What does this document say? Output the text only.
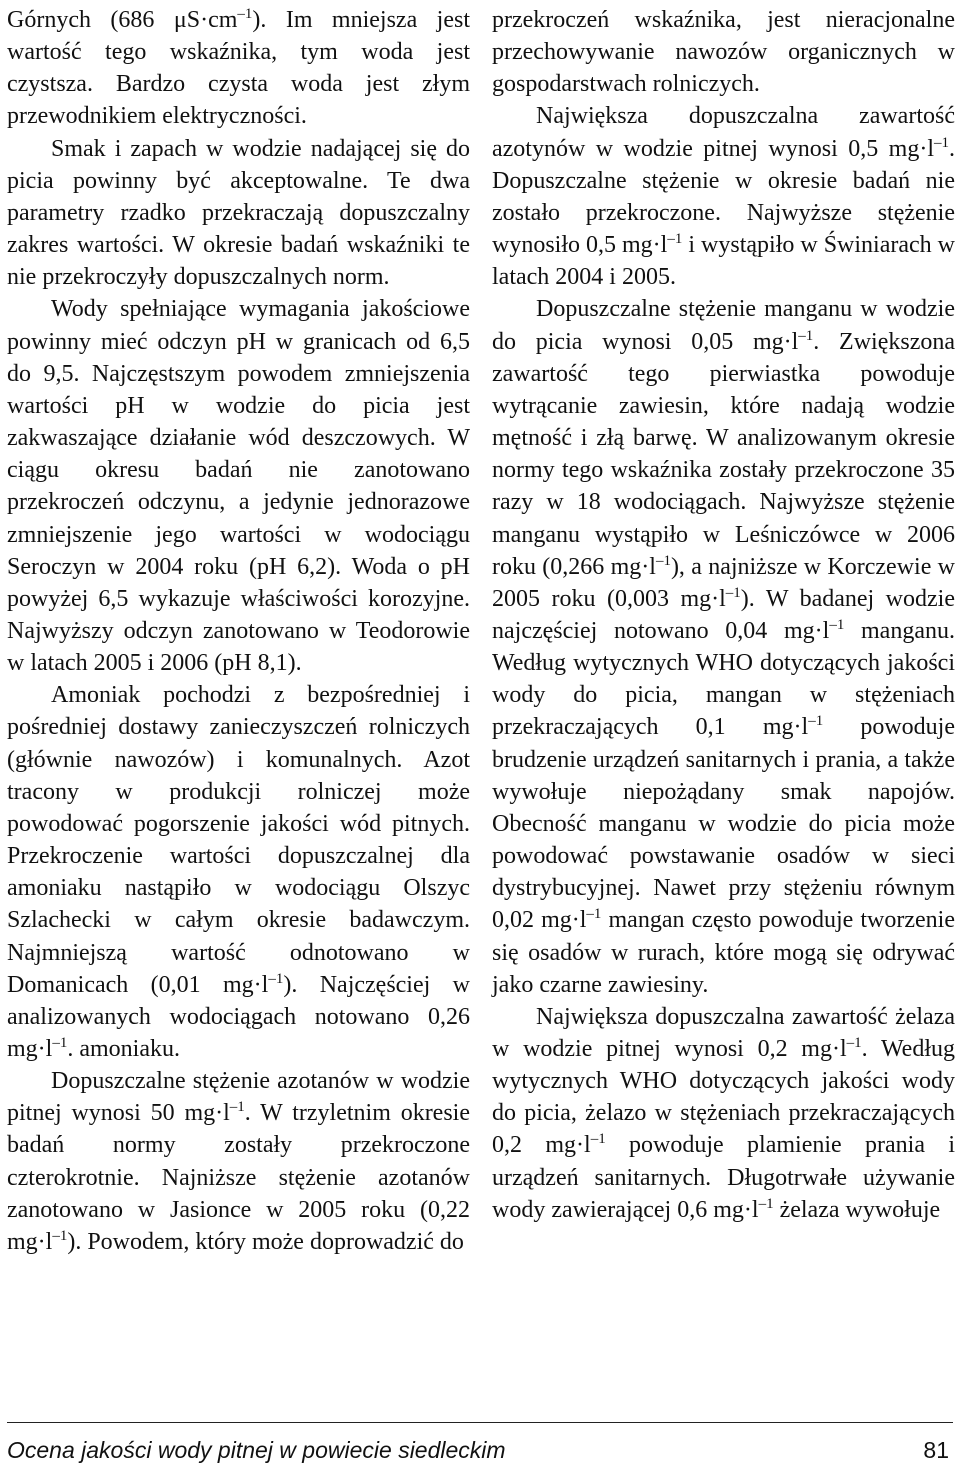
Górnych (686 $\mu S\cdot cm^{-1}$). Im mniejsza jest wartość tego wskaźnika, tym woda jest czystsza. Bardzo czysta woda jest złym przewodnikiem elektryczności.

Smak i zapach w wodzie nadającej się do picia powinny być akceptowalne. Te dwa parametry rzadko przekraczają dopuszczalny zakres wartości. W okresie badań wskaźniki te nie przekroczyły dopuszczalnych norm.

Wody spełniające wymagania jakościowe powinny mieć odczyn pH w granicach od 6,5 do 9,5. Najczęstszym powodem zmniejszenia wartości pH w wodzie do picia jest zakwaszające działanie wód deszczowych. W ciągu okresu badań nie zanotowano przekroczeń odczynu, a jedynie jednorazowe zmniejszenie jego wartości w wodociągu Seroczyn w 2004 roku (pH 6,2). Woda o pH powyżej 6,5 wykazuje właściwości korozyjne. Najwyższy odczyn zanotowano w Teodorowie w latach 2005 i 2006 (pH 8,1).

Amoniak pochodzi z bezpośredniej i pośredniej dostawy zanieczyszczeń rolniczych (głównie nawozów) i komunalnych. Azot tracony w produkcji rolniczej może powodować pogorszenie jakości wód pitnych. Przekroczenie wartości dopuszczalnej dla amoniaku nastąpiło w wodociągu Olszyc Szlachecki w całym okresie badawczym. Najmniejszą wartość odnotowano w Domanicach (0,01 $mg\cdot l^{-1}$). Najczęściej w analizowanych wodociągach notowano 0,26 $mg\cdot l^{-1}$. amoniaku.

Dopuszczalne stężenie azotanów w wodzie pitnej wynosi 50 $mg\cdot l^{-1}$. W trzyletnim okresie badań normy zostały przekroczone czterokrotnie. Najniższe stężenie azotanów zanotowano w Jasionce w 2005 roku (0,22 $mg\cdot l^{-1}$). Powodem, który może doprowadzić do

przekroczeń wskaźnika, jest nieracjonalne przechowywanie nawozów organicznych w gospodarstwach rolniczych.

Największa dopuszczalna zawartość azotynów w wodzie pitnej wynosi 0,5 $mg\cdot l^{-1}$. Dopuszczalne stężenie w okresie badań nie zostało przekroczone. Najwyższe stężenie wynosiło 0,5 $mg\cdot l^{-1}$ i wystąpiło w Świniarach w latach 2004 i 2005.

Dopuszczalne stężenie manganu w wodzie do picia wynosi 0,05 $mg\cdot l^{-1}$. Zwiększona zawartość tego pierwiastka powoduje wytrącanie zawiesin, które nadają wodzie mętność i złą barwę. W analizowanym okresie normy tego wskaźnika zostały przekroczone 35 razy w 18 wodociągach. Najwyższe stężenie manganu wystąpiło w Leśniczówce w 2006 roku (0,266 $mg\cdot l^{-1}$), a najniższe w Korczewie w 2005 roku (0,003 $mg\cdot l^{-1}$). W badanej wodzie najczęściej notowano 0,04 $mg\cdot l^{-1}$ manganu. Według wytycznych WHO dotyczących jakości wody do picia, mangan w stężeniach przekraczających 0,1 $mg\cdot l^{-1}$ powoduje brudzenie urządzeń sanitarnych i prania, a także wywołuje niepożądany smak napojów. Obecność manganu w wodzie do picia może powodować powstawanie osadów w sieci dystrybucyjnej. Nawet przy stężeniu równym 0,02 $mg\cdot l^{-1}$ mangan często powoduje tworzenie się osadów w rurach, które mogą się odrywać jako czarne zawiesiny.

Największa dopuszczalna zawartość żelaza w wodzie pitnej wynosi 0,2 $mg\cdot l^{-1}$. Według wytycznych WHO dotyczących jakości wody do picia, żelazo w stężeniach przekraczających 0,2 $mg\cdot l^{-1}$ powoduje plamienie prania i urządzeń sanitarnych. Długotrwałe używanie wody zawierającej 0,6 $mg\cdot l^{-1}$ żelaza wywołuje

Ocena jakości wody pitnej w powiecie siedleckim	81
